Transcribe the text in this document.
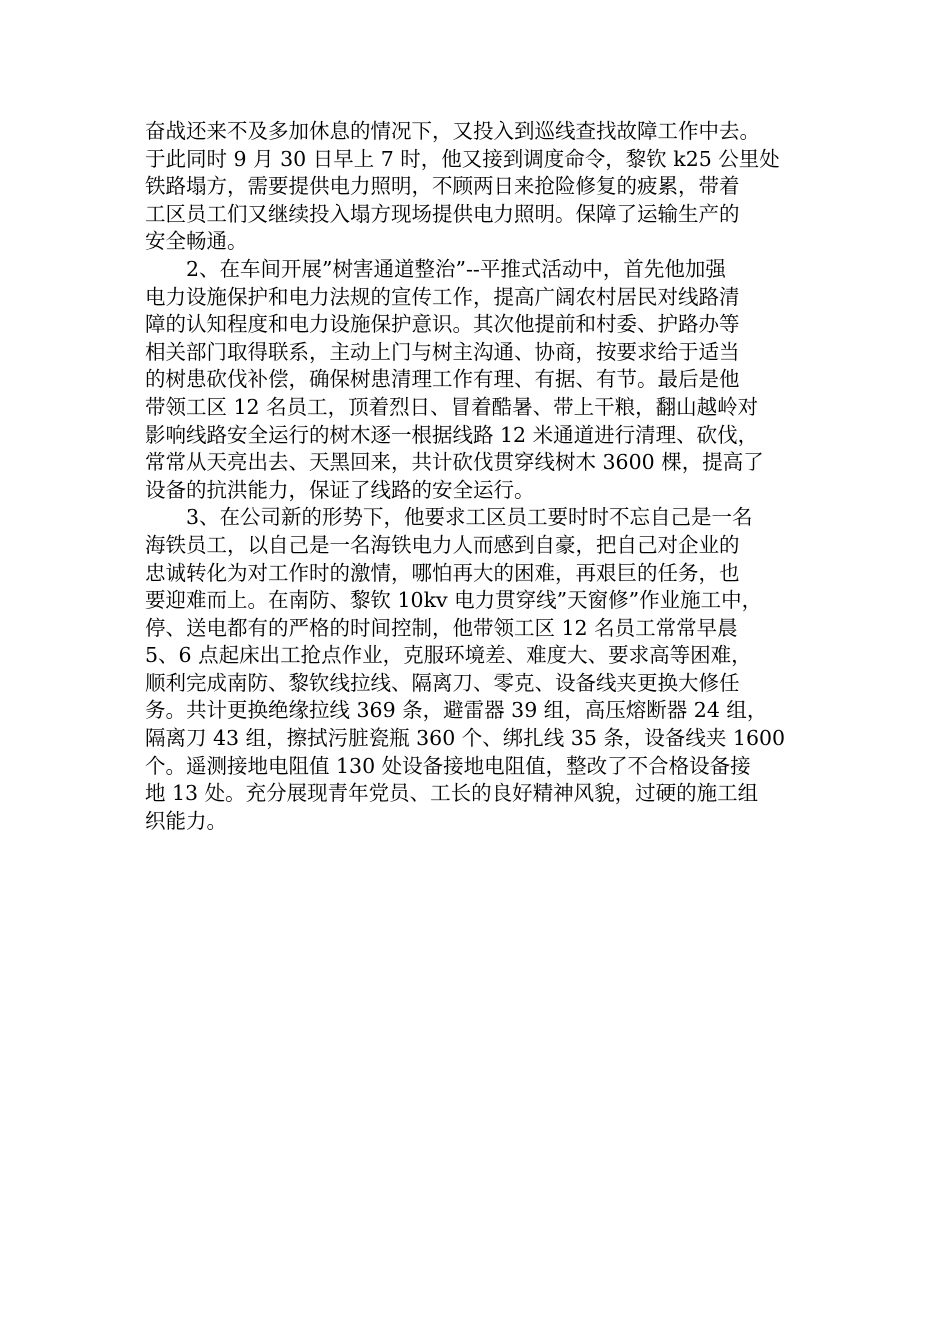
奋战还来不及多加休息的情况下，又投入到巡线查找故障工作中去。
于此同时 9 月 30 日早上 7 时，他又接到调度命令，黎钦 k25 公里处
铁路塌方，需要提供电力照明，不顾两日来抢险修复的疲累，带着
工区员工们又继续投入塌方现场提供电力照明。保障了运输生产的
安全畅通。
2、在车间开展”树害通道整治”--平推式活动中，首先他加强
电力设施保护和电力法规的宣传工作，提高广阔农村居民对线路清
障的认知程度和电力设施保护意识。其次他提前和村委、护路办等
相关部门取得联系，主动上门与树主沟通、协商，按要求给于适当
的树患砍伐补偿，确保树患清理工作有理、有据、有节。最后是他
带领工区 12 名员工，顶着烈日、冒着酷暑、带上干粮，翻山越岭对
影响线路安全运行的树木逐一根据线路 12 米通道进行清理、砍伐，
常常从天亮出去、天黑回来，共计砍伐贯穿线树木 3600 棵，提高了
设备的抗洪能力，保证了线路的安全运行。
3、在公司新的形势下，他要求工区员工要时时不忘自己是一名
海铁员工，以自己是一名海铁电力人而感到自豪，把自己对企业的
忠诚转化为对工作时的激情，哪怕再大的困难，再艰巨的任务，也
要迎难而上。在南防、黎钦 10kv 电力贯穿线”天窗修”作业施工中，
停、送电都有的严格的时间控制，他带领工区 12 名员工常常早晨
5、6 点起床出工抢点作业，克服环境差、难度大、要求高等困难，
顺利完成南防、黎钦线拉线、隔离刀、零克、设备线夹更换大修任
务。共计更换绝缘拉线 369 条，避雷器 39 组，高压熔断器 24 组，
隔离刀 43 组，擦拭污脏瓷瓶 360 个、绑扎线 35 条，设备线夹 1600
个。遥测接地电阻值 130 处设备接地电阻值，整改了不合格设备接
地 13 处。充分展现青年党员、工长的良好精神风貌，过硬的施工组
织能力。
